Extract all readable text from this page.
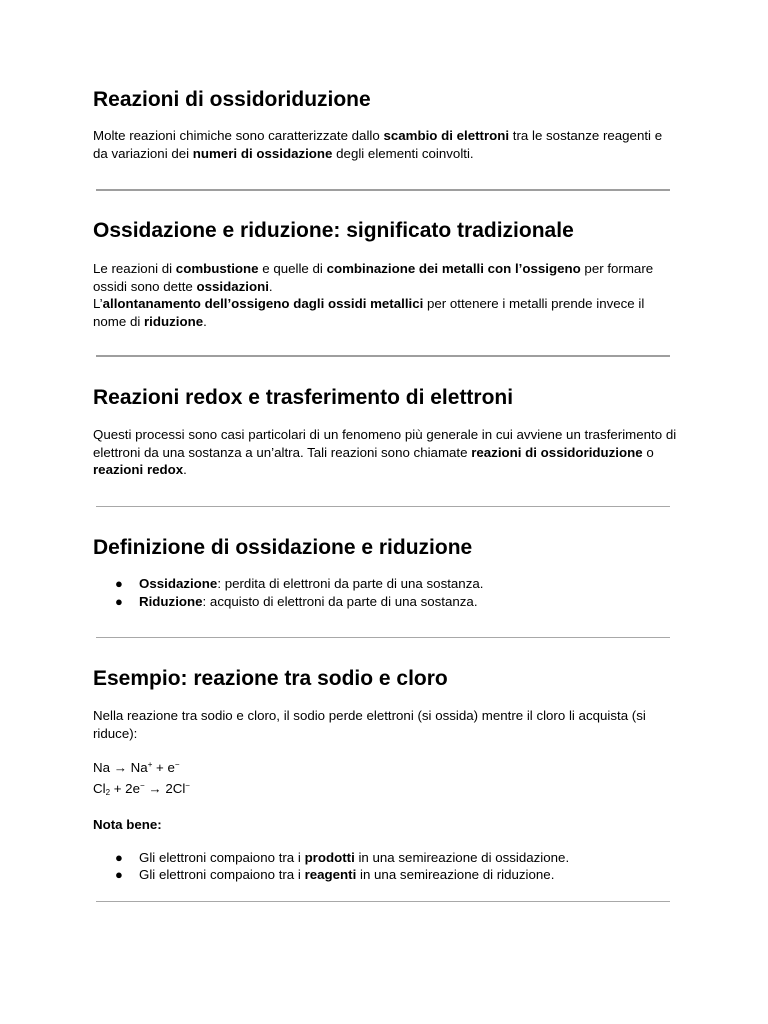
Reazioni di ossidoriduzione

Molte reazioni chimiche sono caratterizzate dallo scambio di elettroni tra le sostanze reagenti e da variazioni dei numeri di ossidazione degli elementi coinvolti.

Ossidazione e riduzione: significato tradizionale

Le reazioni di combustione e quelle di combinazione dei metalli con l’ossigeno per formare ossidi sono dette ossidazioni.

L’allontanamento dell’ossigeno dagli ossidi metallici per ottenere i metalli prende invece il nome di riduzione.

Reazioni redox e trasferimento di elettroni

Questi processi sono casi particolari di un fenomeno più generale in cui avviene un trasferimento di elettroni da una sostanza a un’altra. Tali reazioni sono chiamate reazioni di ossidoriduzione o reazioni redox.

Definizione di ossidazione e riduzione
● Ossidazione: perdita di elettroni da parte di una sostanza.
● Riduzione: acquisto di elettroni da parte di una sostanza.
Esempio: reazione tra sodio e cloro

Nella reazione tra sodio e cloro, il sodio perde elettroni (si ossida) mentre il cloro li acquista (si riduce):

Na → Na+ + e−

$Cl_2 + 2e^- \to 2Cl^-$

Nota bene:

● Gli elettroni compaiono tra i prodotti in una semireazione di ossidazione.
● Gli elettroni compaiono tra i reagenti in una semireazione di riduzione.
